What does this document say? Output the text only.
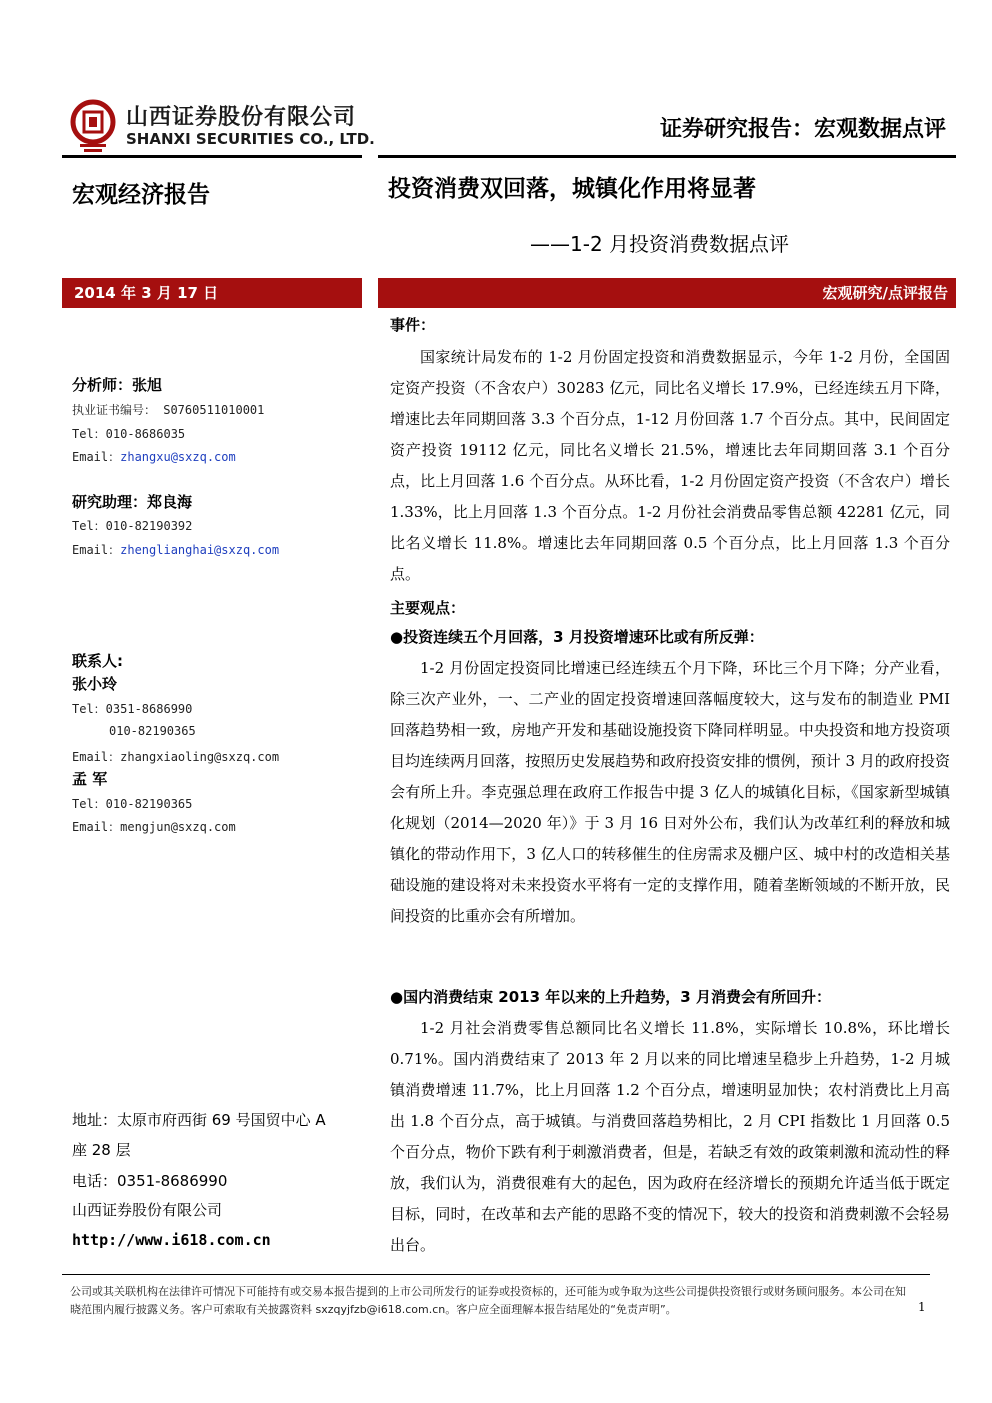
山西证券股份有限公司
SHANXI SECURITIES CO., LTD.	证券研究报告：宏观数据点评
宏观经济报告	投资消费双回落，城镇化作用将显著
——1-2 月投资消费数据点评
2014 年 3 月 17 日	宏观研究/点评报告
分析师：张旭
执业证书编号： S0760511010001
Tel：010-8686035
Email：zhangxu@sxzq.com
研究助理：郑良海
Tel：010-82190392
Email：zhenglianghai@sxzq.com
联系人:
张小玲
Tel：0351-8686990
010-82190365
Email：zhangxiaoling@sxzq.com
孟 军
Tel：010-82190365
Email：mengjun@sxzq.com
地址：太原市府西街 69 号国贸中心 A
座 28 层
电话：0351-8686990
山西证券股份有限公司
http://www.i618.com.cn
事件：
国家统计局发布的 1-2 月份固定投资和消费数据显示，今年 1-2 月份，全国固定资产投资（不含农户）30283 亿元，同比名义增长 17.9%，已经连续五月下降，增速比去年同期回落 3.3 个百分点，1-12 月份回落 1.7 个百分点。其中，民间固定资产投资 19112 亿元，同比名义增长 21.5%，增速比去年同期回落 3.1 个百分点，比上月回落 1.6 个百分点。从环比看，1-2 月份固定资产投资（不含农户）增长 1.33%，比上月回落 1.3 个百分点。1-2 月份社会消费品零售总额 42281 亿元，同比名义增长 11.8%。增速比去年同期回落 0.5 个百分点，比上月回落 1.3 个百分点。
主要观点：
●投资连续五个月回落，3 月投资增速环比或有所反弹：
1-2 月份固定投资同比增速已经连续五个月下降，环比三个月下降；分产业看，除三次产业外，一、二产业的固定投资增速回落幅度较大，这与发布的制造业 PMI 回落趋势相一致，房地产开发和基础设施投资下降同样明显。中央投资和地方投资项目均连续两月回落，按照历史发展趋势和政府投资安排的惯例，预计 3 月的政府投资会有所上升。李克强总理在政府工作报告中提 3 亿人的城镇化目标，《国家新型城镇化规划（2014—2020 年）》于 3 月 16 日对外公布，我们认为改革红利的释放和城镇化的带动作用下，3 亿人口的转移催生的住房需求及棚户区、城中村的改造相关基础设施的建设将对未来投资水平将有一定的支撑作用，随着垄断领域的不断开放，民间投资的比重亦会有所增加。
●国内消费结束 2013 年以来的上升趋势，3 月消费会有所回升：
1-2 月社会消费零售总额同比名义增长 11.8%，实际增长 10.8%，环比增长 0.71%。国内消费结束了 2013 年 2 月以来的同比增速呈稳步上升趋势，1-2 月城镇消费增速 11.7%，比上月回落 1.2 个百分点，增速明显加快；农村消费比上月高出 1.8 个百分点，高于城镇。与消费回落趋势相比，2 月 CPI 指数比 1 月回落 0.5 个百分点，物价下跌有利于刺激消费者，但是，若缺乏有效的政策刺激和流动性的释放，我们认为，消费很难有大的起色，因为政府在经济增长的预期允许适当低于既定目标，同时，在改革和去产能的思路不变的情况下，较大的投资和消费刺激不会轻易出台。
公司或其关联机构在法律许可情况下可能持有或交易本报告提到的上市公司所发行的证券或投资标的，还可能为或争取为这些公司提供投资银行或财务顾问服务。本公司在知晓范围内履行披露义务。客户可索取有关披露资料 sxzqyjfzb@i618.com.cn。客户应全面理解本报告结尾处的“免责声明”。	1
